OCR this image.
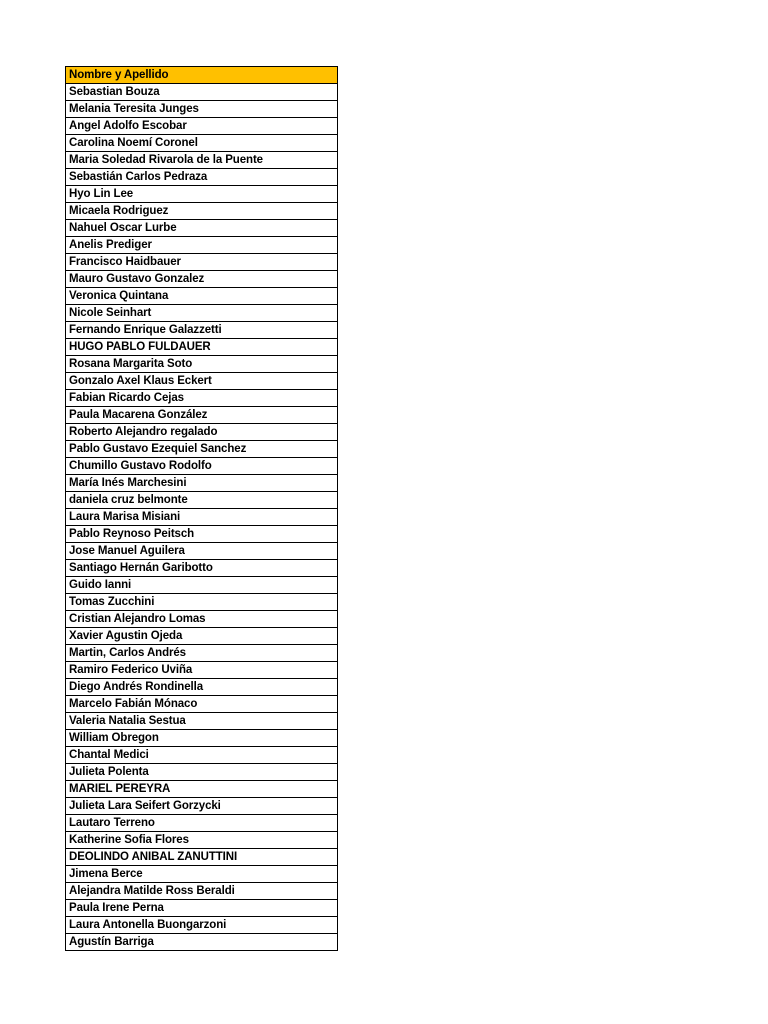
Nombre y Apellido
Sebastian Bouza
Melania Teresita Junges
Angel Adolfo Escobar
Carolina Noemí Coronel
Maria Soledad Rivarola de la Puente
Sebastián Carlos Pedraza
Hyo Lin Lee
Micaela Rodriguez
Nahuel Oscar Lurbe
Anelis Prediger
Francisco Haidbauer
Mauro Gustavo Gonzalez
Veronica Quintana
Nicole Seinhart
Fernando Enrique Galazzetti
HUGO PABLO FULDAUER
Rosana Margarita Soto
Gonzalo Axel Klaus Eckert
Fabian Ricardo Cejas
Paula Macarena González
Roberto Alejandro regalado
Pablo Gustavo Ezequiel Sanchez
Chumillo Gustavo Rodolfo
María Inés Marchesini
daniela cruz belmonte
Laura Marisa Misiani
Pablo Reynoso Peitsch
Jose Manuel Aguilera
Santiago Hernán Garibotto
Guido Ianni
Tomas Zucchini
Cristian Alejandro Lomas
Xavier Agustin Ojeda
Martin, Carlos Andrés
Ramiro Federico Uviña
Diego Andrés Rondinella
Marcelo Fabián Mónaco
Valeria Natalia Sestua
William Obregon
Chantal Medici
Julieta Polenta
MARIEL PEREYRA
Julieta Lara Seifert Gorzycki
Lautaro Terreno
Katherine Sofia Flores
DEOLINDO ANIBAL ZANUTTINI
Jimena Berce
Alejandra Matilde Ross Beraldi
Paula Irene Perna
Laura Antonella Buongarzoni
Agustín Barriga
